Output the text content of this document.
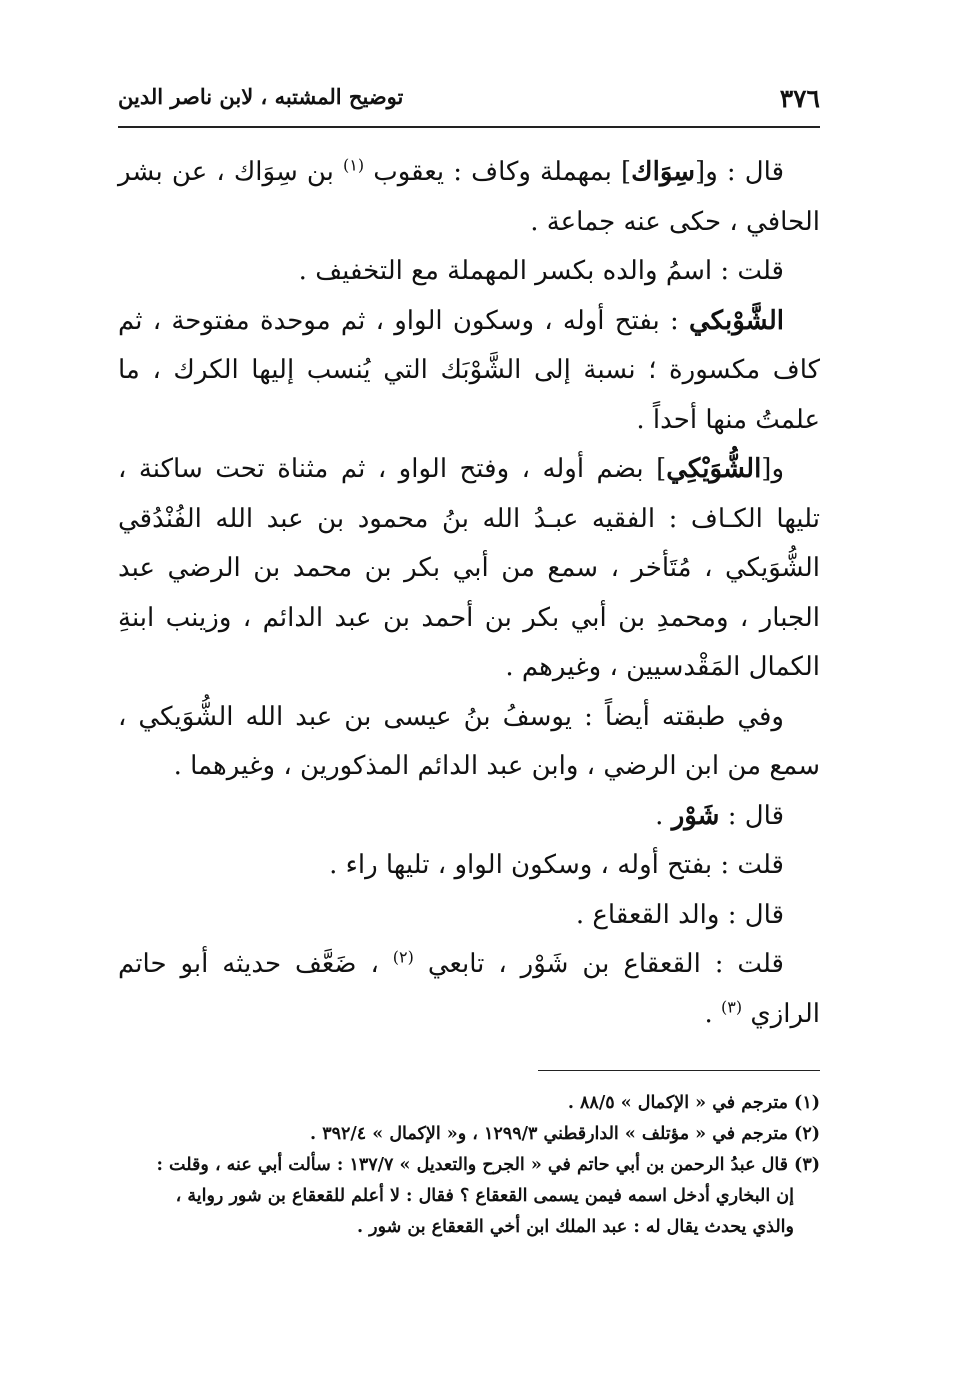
٣٧٦
توضيح المشتبه ، لابن ناصر الدين

قال : و[سِوَاك] بمهملة وكاف : يعقوب $^{(١)}$ بن سِوَاك ، عن بشر الحافي ، حكى عنه جماعة .

قلت : اسمُ والده بكسر المهملة مع التخفيف .

الشَّوْبكي : بفتح أوله ، وسكون الواو ، ثم موحدة مفتوحة ، ثم كاف مكسورة ؛ نسبة إلى الشَّوْبَك التي يُنسب إليها الكرك ، ما علمتُ منها أحداً .

و[الشُّوَيْكِي] بضم أوله ، وفتح الواو ، ثم مثناة تحت ساكنة ، تليها الكـاف : الفقيه عبـدُ الله بنُ محمود بن عبد الله الفُنْدُقي الشُّوَيكي ، مُتَأخر ، سمع من أبي بكر بن محمد بن الرضي عبد الجبار ، ومحمدِ بن أبي بكر بن أحمد بن عبد الدائم ، وزينب ابنةِ الكمال المَقْدسيين ، وغيرهم .

وفي طبقته أيضاً : يوسفُ بنُ عيسى بن عبد الله الشُّوَيكي ، سمع من ابن الرضي ، وابن عبد الدائم المذكورين ، وغيرهما .

قال : شَوْر .

قلت : بفتح أوله ، وسكون الواو ، تليها راء .

قال : والد القعقاع .

قلت : القعقاع بن شَوْر ، تابعي $^{(٢)}$ ، ضَعَّف حديثه أبو حاتم الرازي $^{(٣)}$ .

(١)مترجم في « الإكمال » ٨٨/٥ .

(٢)مترجم في « مؤتلف » الدارقطني ١٢٩٩/٣ ، و« الإكمال » ٣٩٢/٤ .

(٣)قال عبدُ الرحمن بن أبي حاتم في « الجرح والتعديل » ١٣٧/٧ : سألت أبي عنه ، وقلت :

إن البخاري أدخل اسمه فيمن يسمى القعقاع ؟ فقال : لا أعلم للقعقاع بن شور رواية ،

والذي يحدث يقال له : عبد الملك ابن أخي القعقاع بن شور .
